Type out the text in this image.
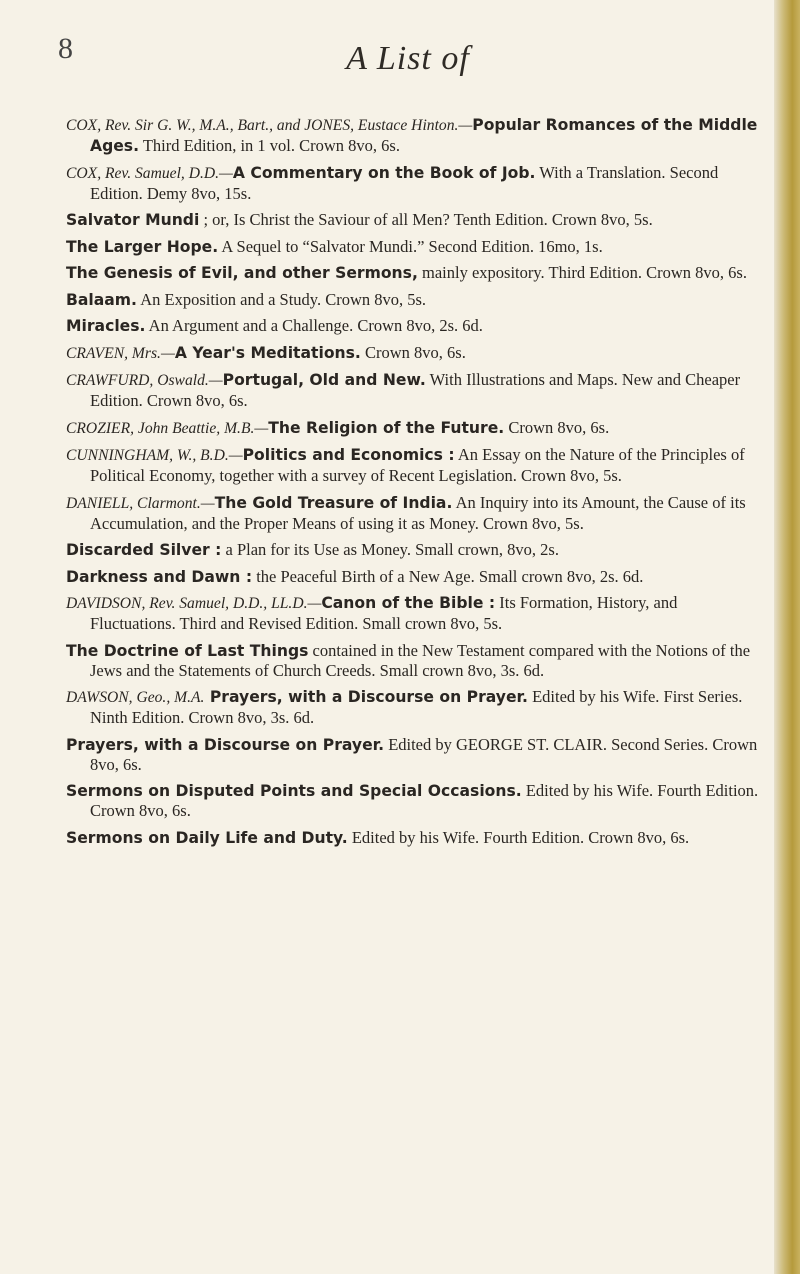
8	A List of
COX, Rev. Sir G. W., M.A., Bart., and JONES, Eustace Hinton.—Popular Romances of the Middle Ages. Third Edition, in 1 vol. Crown 8vo, 6s.
COX, Rev. Samuel, D.D.—A Commentary on the Book of Job. With a Translation. Second Edition. Demy 8vo, 15s.
Salvator Mundi ; or, Is Christ the Saviour of all Men? Tenth Edition. Crown 8vo, 5s.
The Larger Hope. A Sequel to “Salvator Mundi.” Second Edition. 16mo, 1s.
The Genesis of Evil, and other Sermons, mainly expository. Third Edition. Crown 8vo, 6s.
Balaam. An Exposition and a Study. Crown 8vo, 5s.
Miracles. An Argument and a Challenge. Crown 8vo, 2s. 6d.
CRAVEN, Mrs.—A Year's Meditations. Crown 8vo, 6s.
CRAWFURD, Oswald.—Portugal, Old and New. With Illustrations and Maps. New and Cheaper Edition. Crown 8vo, 6s.
CROZIER, John Beattie, M.B.—The Religion of the Future. Crown 8vo, 6s.
CUNNINGHAM, W., B.D.—Politics and Economics : An Essay on the Nature of the Principles of Political Economy, together with a survey of Recent Legislation. Crown 8vo, 5s.
DANIELL, Clarmont.—The Gold Treasure of India. An Inquiry into its Amount, the Cause of its Accumulation, and the Proper Means of using it as Money. Crown 8vo, 5s.
Discarded Silver : a Plan for its Use as Money. Small crown, 8vo, 2s.
Darkness and Dawn : the Peaceful Birth of a New Age. Small crown 8vo, 2s. 6d.
DAVIDSON, Rev. Samuel, D.D., LL.D.—Canon of the Bible : Its Formation, History, and Fluctuations. Third and Revised Edition. Small crown 8vo, 5s.
The Doctrine of Last Things contained in the New Testament compared with the Notions of the Jews and the Statements of Church Creeds. Small crown 8vo, 3s. 6d.
DAWSON, Geo., M.A. Prayers, with a Discourse on Prayer. Edited by his Wife. First Series. Ninth Edition. Crown 8vo, 3s. 6d.
Prayers, with a Discourse on Prayer. Edited by GEORGE ST. CLAIR. Second Series. Crown 8vo, 6s.
Sermons on Disputed Points and Special Occasions. Edited by his Wife. Fourth Edition. Crown 8vo, 6s.
Sermons on Daily Life and Duty. Edited by his Wife. Fourth Edition. Crown 8vo, 6s.
